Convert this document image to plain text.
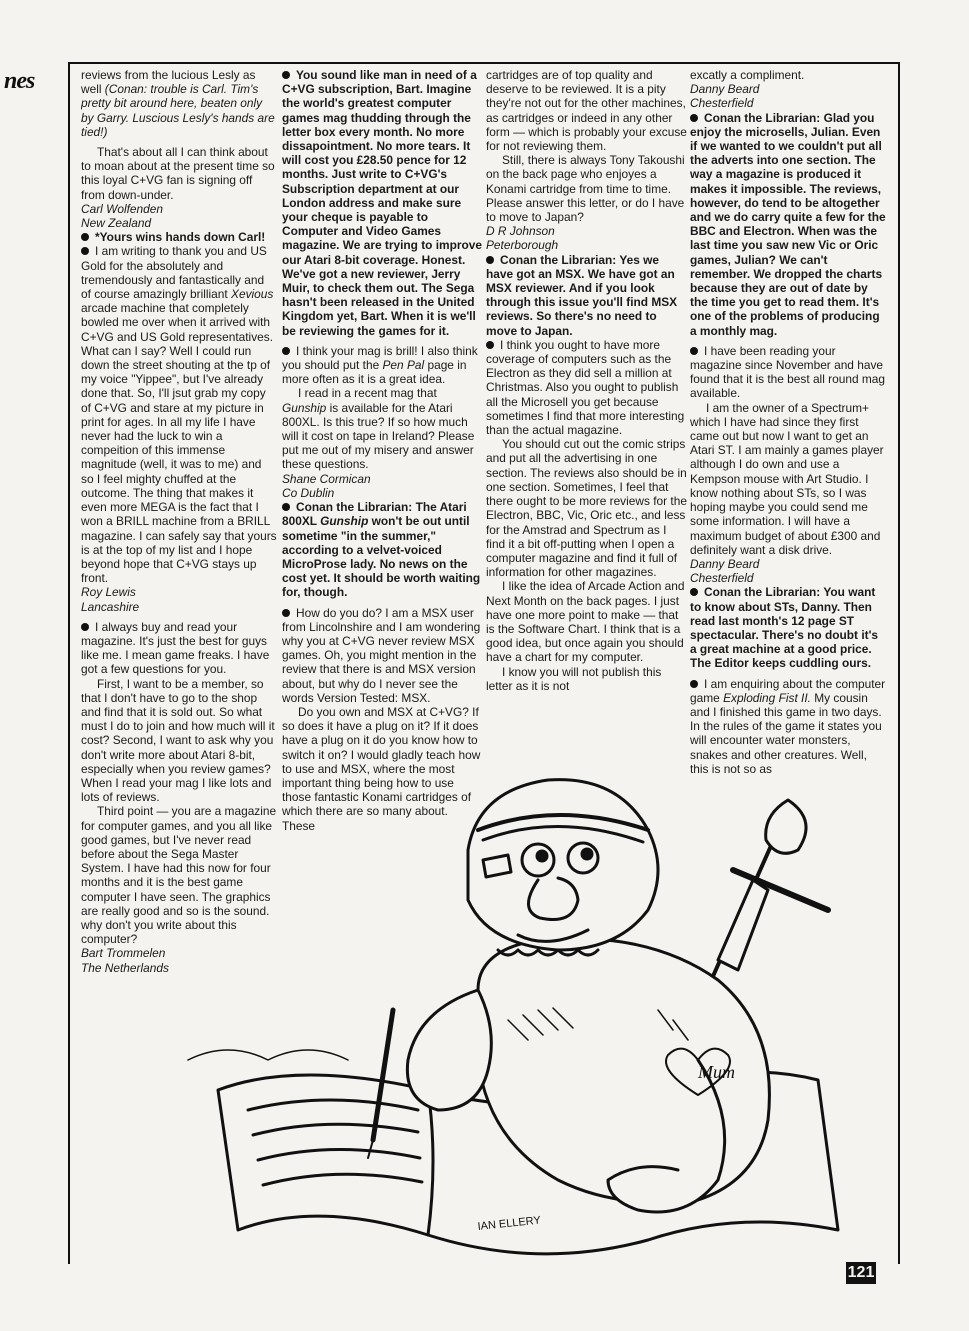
nes	reviews from the lucious Lesly as well (Conan: trouble is Carl. Tim's pretty bit around here, beaten only by Garry. Luscious Lesly's hands are tied!)

That's about all I can think about to moan about at the present time so this loyal C+VG fan is signing off from down-under.

Carl Wolfenden

New Zealand

*Yours wins hands down Carl!

I am writing to thank you and US Gold for the absolutely and tremendously and fantastically and of course amazingly brilliant Xevious arcade machine that completely bowled me over when it arrived with C+VG and US Gold representatives. What can I say? Well I could run down the street shouting at the tp of my voice "Yippee", but I've already done that. So, I'll jsut grab my copy of C+VG and stare at my picture in print for ages. In all my life I have never had the luck to win a compeition of this immense magnitude (well, it was to me) and so I feel mighty chuffed at the outcome. The thing that makes it even more MEGA is the fact that I won a BRILL machine from a BRILL magazine. I can safely say that yours is at the top of my list and I hope beyond hope that C+VG stays up front.

Roy Lewis

Lancashire

I always buy and read your magazine. It's just the best for guys like me. I mean game freaks. I have got a few questions for you.

First, I want to be a member, so that I don't have to go to the shop and find that it is sold out. So what must I do to join and how much will it cost? Second, I want to ask why you don't write more about Atari 8-bit, especially when you review games? When I read your mag I like lots and lots of reviews.

Third point — you are a magazine for computer games, and you all like good games, but I've never read before about the Sega Master System. I have had this now for four months and it is the best game computer I have seen. The graphics are really good and so is the sound. why don't you write about this computer?

Bart Trommelen

The Netherlands

You sound like man in need of a C+VG subscription, Bart. Imagine the world's greatest computer games mag thudding through the letter box every month. No more dissapointment. No more tears. It will cost you £28.50 pence for 12 months. Just write to C+VG's Subscription department at our London address and make sure your cheque is payable to Computer and Video Games magazine. We are trying to improve our Atari 8-bit coverage. Honest. We've got a new reviewer, Jerry Muir, to check them out. The Sega hasn't been released in the United Kingdom yet, Bart. When it is we'll be reviewing the games for it.

I think your mag is brill! I also think you should put the Pen Pal page in more often as it is a great idea.

I read in a recent mag that Gunship is available for the Atari 800XL. Is this true? If so how much will it cost on tape in Ireland? Please put me out of my misery and answer these questions.

Shane Cormican

Co Dublin

Conan the Librarian: The Atari 800XL Gunship won't be out until sometime "in the summer," according to a velvet-voiced MicroProse lady. No news on the cost yet. It should be worth waiting for, though.

How do you do? I am a MSX user from Lincolnshire and I am wondering why you at C+VG never review MSX games. Oh, you might mention in the review that there is and MSX version about, but why do I never see the words Version Tested: MSX.

Do you own and MSX at C+VG? If so does it have a plug on it? If it does have a plug on it do you know how to switch it on? I would gladly teach how to use and MSX, where the most important thing being how to use those fantastic Konami cartridges of which there are so many about. These

cartridges are of top quality and deserve to be reviewed. It is a pity they're not out for the other machines, as cartridges or indeed in any other form — which is probably your excuse for not reviewing them.

Still, there is always Tony Takoushi on the back page who enjoyes a Konami cartridge from time to time. Please answer this letter, or do I have to move to Japan?

D R Johnson

Peterborough

Conan the Librarian: Yes we have got an MSX. We have got an MSX reviewer. And if you look through this issue you'll find MSX reviews. So there's no need to move to Japan.

I think you ought to have more coverage of computers such as the Electron as they did sell a million at Christmas. Also you ought to publish all the Microsell you get because sometimes I find that more interesting than the actual magazine.

You should cut out the comic strips and put all the advertising in one section. The reviews also should be in one section. Sometimes, I feel that there ought to be more reviews for the Electron, BBC, Vic, Oric etc., and less for the Amstrad and Spectrum as I find it a bit off-putting when I open a computer magazine and find it full of information for other magazines.

I like the idea of Arcade Action and Next Month on the back pages. I just have one more point to make — that is the Software Chart. I think that is a good idea, but once again you should have a chart for my computer.

I know you will not publish this letter as it is not

excatly a compliment.

Danny Beard

Chesterfield

Conan the Librarian: Glad you enjoy the microsells, Julian. Even if we wanted to we couldn't put all the adverts into one section. The way a magazine is produced it makes it impossible. The reviews, however, do tend to be altogether and we do carry quite a few for the BBC and Electron. When was the last time you saw new Vic or Oric games, Julian? We can't remember. We dropped the charts because they are out of date by the time you get to read them. It's one of the problems of producing a monthly mag.

I have been reading your magazine since November and have found that it is the best all round mag available.

I am the owner of a Spectrum+ which I have had since they first came out but now I want to get an Atari ST. I am mainly a games player although I do own and use a Kempson mouse with Art Studio. I know nothing about STs, so I was hoping maybe you could send me some information. I will have a maximum budget of about £300 and definitely want a disk drive.

Danny Beard

Chesterfield

Conan the Librarian: You want to know about STs, Danny. Then read last month's 12 page ST spectacular. There's no doubt it's a great machine at a good price. The Editor keeps cuddling ours.

I am enquiring about the computer game Exploding Fist II. My cousin and I finished this game in two days. In the rules of the game it states you will encounter water monsters, snakes and other creatures. Well, this is not so as

Mum
IAN ELLERY
121
